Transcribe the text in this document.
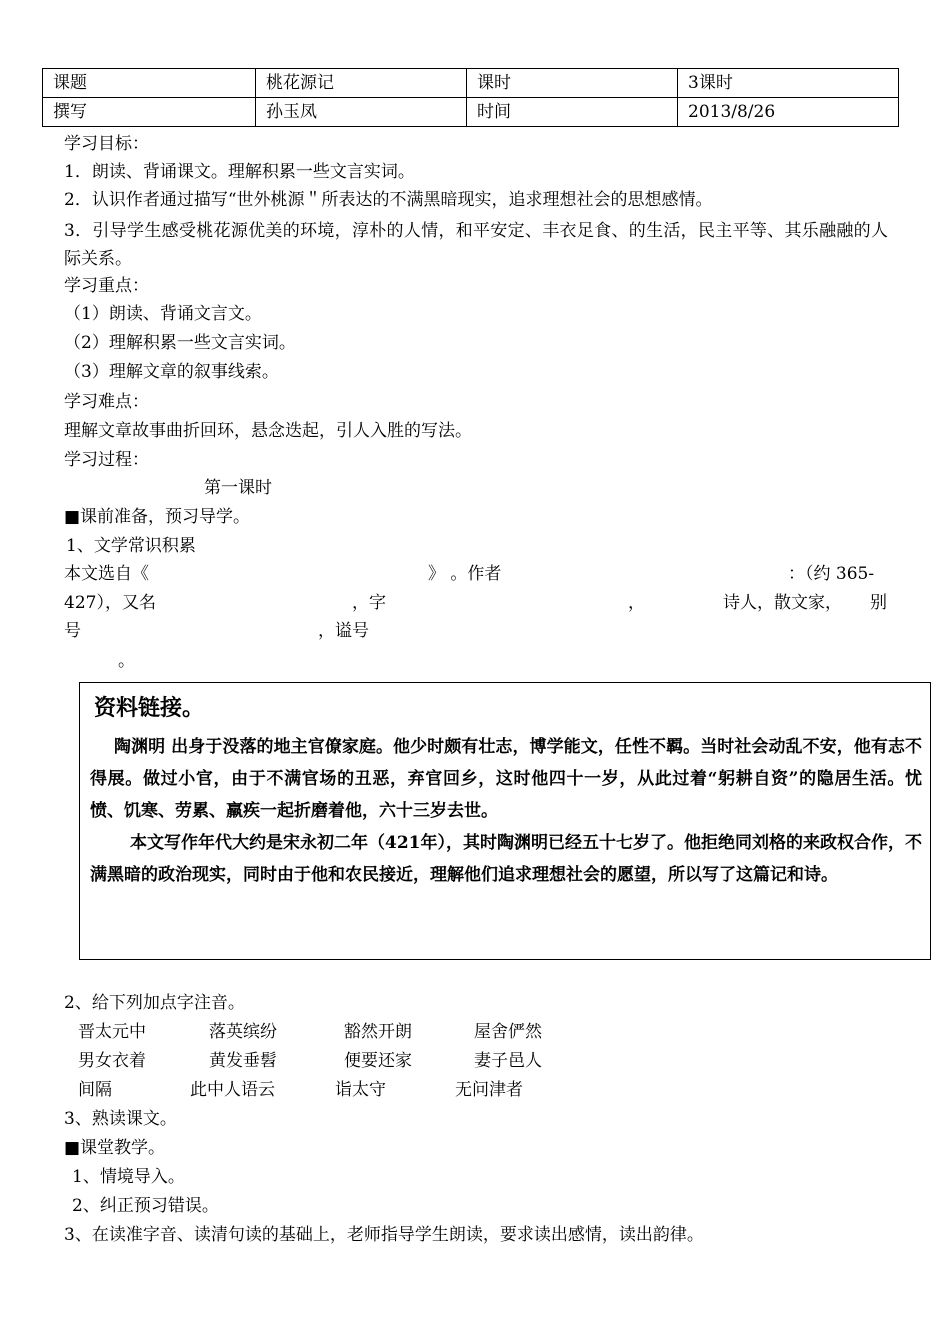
课题	桃花源记	课时	3课时
撰写	孙玉凤	时间	2013/8/26
学习目标：
1．朗读、背诵课文。理解积累一些文言实词。
2．认识作者通过描写“世外桃源＂所表达的不满黑暗现实，追求理想社会的思想感情。
3．引导学生感受桃花源优美的环境，淳朴的人情，和平安定、丰衣足食、的生活，民主平等、其乐融融的人际关系。
学习重点：
（1）朗读、背诵文言文。
（2）理解积累一些文言实词。
（3）理解文章的叙事线索。
学习难点：
理解文章故事曲折回环，悬念迭起，引人入胜的写法。
学习过程：
第一课时
■课前准备，预习导学。
1、文学常识积累
本文选自《	》 。作者	：（约 365-
427），又名	，字	，	诗人，散文家， 别
号	，谥号
。
资料链接。
陶渊明 出身于没落的地主官僚家庭。他少时颇有壮志，博学能文，任性不羁。当时社会动乱不安，他有志不得展。做过小官，由于不满官场的丑恶，弃官回乡，这时他四十一岁，从此过着“躬耕自资”的隐居生活。忧愤、饥寒、劳累、羸疾一起折磨着他，六十三岁去世。
本文写作年代大约是宋永初二年（421年），其时陶渊明已经五十七岁了。他拒绝同刘格的来政权合作，不满黑暗的政治现实，同时由于他和农民接近，理解他们追求理想社会的愿望，所以写了这篇记和诗。
2、给下列加点字注音。
晋太元中	落英缤纷	豁然开朗	屋舍俨然
男女衣着	黄发垂髫	便要还家	妻子邑人
间隔	此中人语云	诣太守	无问津者
3、熟读课文。
■课堂教学。
1、情境导入。
2、纠正预习错误。
3、在读准字音、读清句读的基础上，老师指导学生朗读，要求读出感情，读出韵律。
